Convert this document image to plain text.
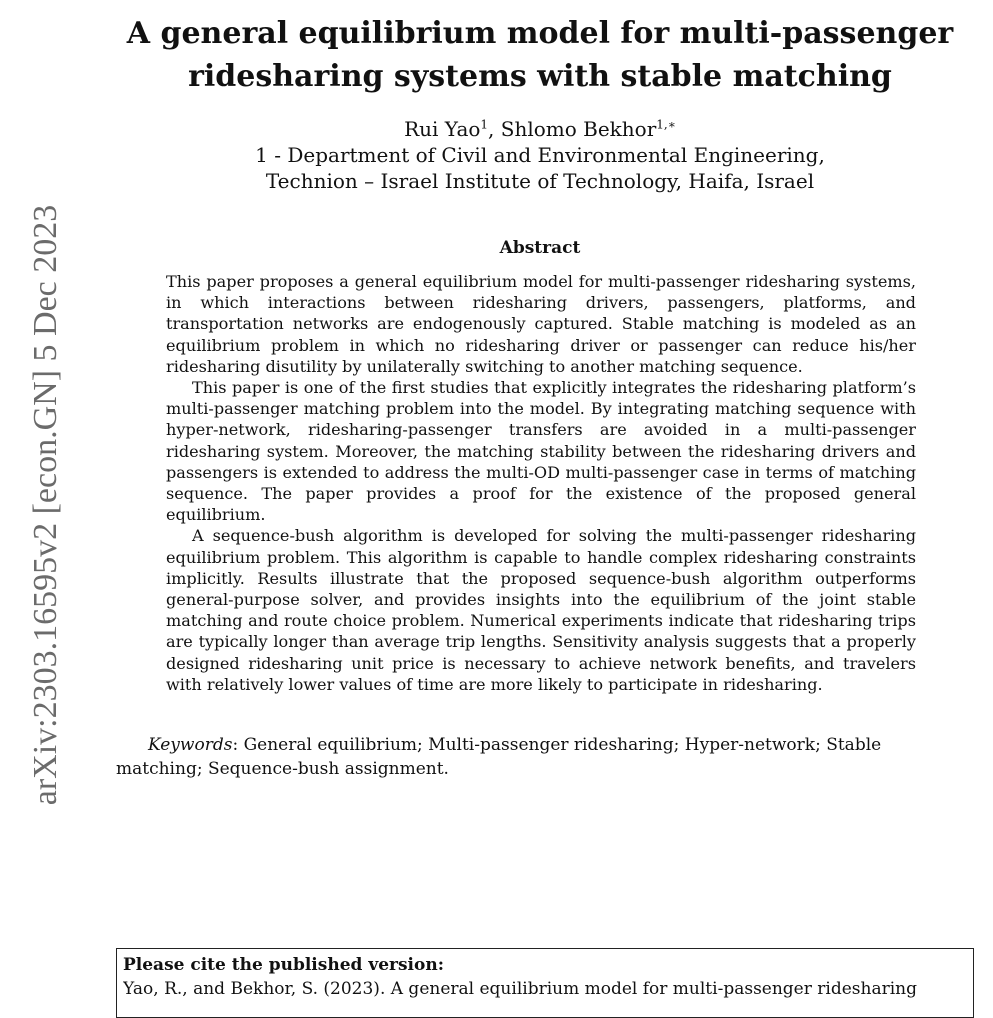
arXiv:2303.16595v2 [econ.GN] 5 Dec 2023
A general equilibrium model for multi-passenger
ridesharing systems with stable matching
Rui Yao$^1$, Shlomo Bekhor$^{1,∗}$
1 - Department of Civil and Environmental Engineering,
Technion – Israel Institute of Technology, Haifa, Israel
Abstract

This paper proposes a general equilibrium model for multi-passenger ridesharing systems, in which interactions between ridesharing drivers, passengers, platforms, and transportation networks are endogenously captured. Stable matching is modeled as an equilibrium problem in which no ridesharing driver or passenger can reduce his/her ridesharing disutility by unilaterally switching to another matching sequence.

This paper is one of the first studies that explicitly integrates the ridesharing platform’s multi-passenger matching problem into the model. By integrating matching sequence with hyper-network, ridesharing-passenger transfers are avoided in a multi-passenger ridesharing system. Moreover, the matching stability between the ridesharing drivers and passengers is extended to address the multi-OD multi-passenger case in terms of matching sequence. The paper provides a proof for the existence of the proposed general equilibrium.

A sequence-bush algorithm is developed for solving the multi-passenger ridesharing equilibrium problem. This algorithm is capable to handle complex ridesharing constraints implicitly. Results illustrate that the proposed sequence-bush algorithm outperforms general-purpose solver, and provides insights into the equilibrium of the joint stable matching and route choice problem. Numerical experiments indicate that ridesharing trips are typically longer than average trip lengths. Sensitivity analysis suggests that a properly designed ridesharing unit price is necessary to achieve network benefits, and travelers with relatively lower values of time are more likely to participate in ridesharing.

Keywords: General equilibrium; Multi-passenger ridesharing; Hyper-network; Stable matching; Sequence-bush assignment.
Please cite the published version:
Yao, R., and Bekhor, S. (2023). A general equilibrium model for multi-passenger ridesharing
